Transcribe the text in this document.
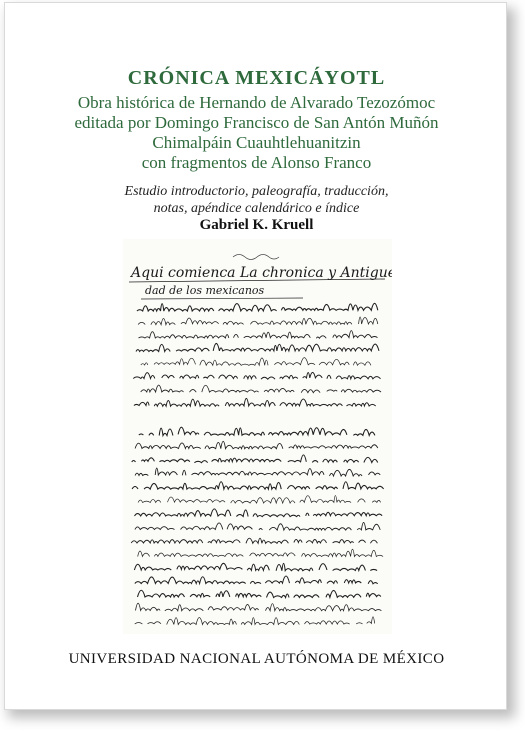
CRÓNICA MEXICÁYOTL
Obra histórica de Hernando de Alvarado Tezozómoc
editada por Domingo Francisco de San Antón Muñón
Chimalpáin Cuauhtlehuanitzin
con fragmentos de Alonso Franco
Estudio introductorio, paleografía, traducción,
notas, apéndice calendárico e índice
Gabriel K. Kruell
Aqui comienca La chronica y Antigue
dad de los mexicanos
UNIVERSIDAD NACIONAL AUTÓNOMA DE MÉXICO
